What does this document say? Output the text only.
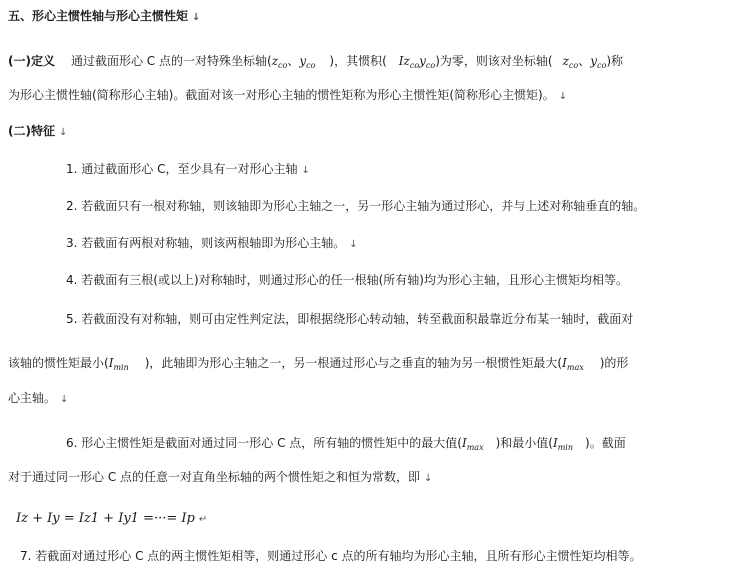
五、形心主惯性轴与形心主惯性矩 ↓
(一)定义 通过截面形心 C 点的一对特殊坐标轴($z_{co}$、$y_{co}$ )，其惯积( $Iz_{co}y_{co}$)为零，则该对坐标轴( $z_{co}$、$y_{co}$)称
为形心主惯性轴(简称形心主轴)。截面对该一对形心主轴的惯性矩称为形心主惯性矩(简称形心主惯矩)。 ↓
(二)特征 ↓
1. 通过截面形心 C，至少具有一对形心主轴 ↓
2. 若截面只有一根对称轴，则该轴即为形心主轴之一，另一形心主轴为通过形心，并与上述对称轴垂直的轴。
3. 若截面有两根对称轴，则该两根轴即为形心主轴。 ↓
4. 若截面有三根(或以上)对称轴时，则通过形心的任一根轴(所有轴)均为形心主轴，且形心主惯矩均相等。
5. 若截面没有对称轴，则可由定性判定法，即根据绕形心转动轴，转至截面积最靠近分布某一轴时，截面对
该轴的惯性矩最小($I_{min}$ )，此轴即为形心主轴之一，另一根通过形心与之垂直的轴为另一根惯性矩最大($I_{max}$ )的形
心主轴。 ↓
6. 形心主惯性矩是截面对通过同一形心 C 点，所有轴的惯性矩中的最大值($I_{max}$ )和最小值($I_{min}$ )。截面
对于通过同一形心 C 点的任意一对直角坐标轴的两个惯性矩之和恒为常数，即 ↓
Iz + Iy = Iz1 + Iy1 =···= Ip ↵
7. 若截面对通过形心 C 点的两主惯性矩相等，则通过形心 c 点的所有轴均为形心主轴，且所有形心主惯性矩均相等。
